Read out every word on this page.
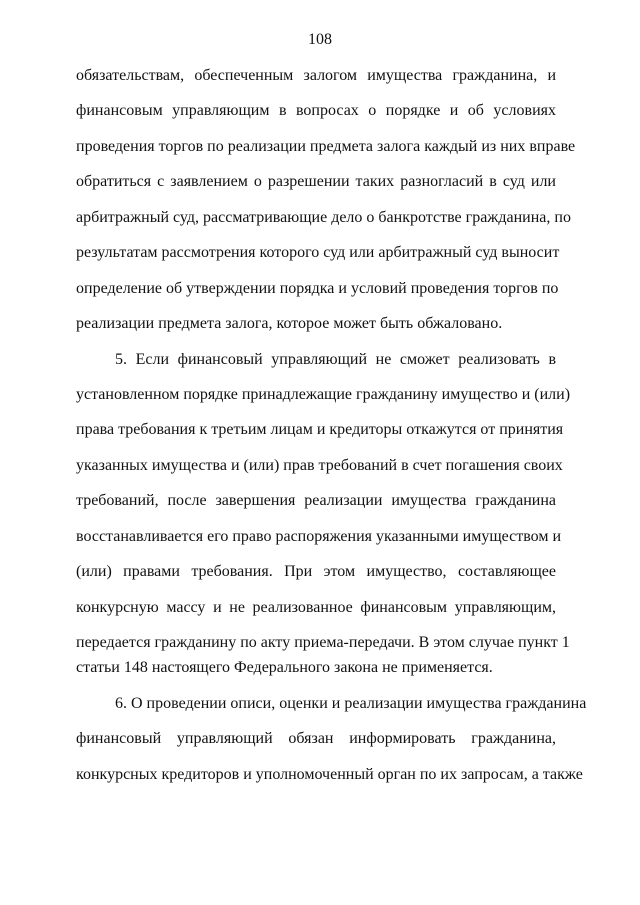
108
обязательствам, обеспеченным залогом имущества гражданина, и
финансовым управляющим в вопросах о порядке и об условиях
проведения торгов по реализации предмета залога каждый из них вправе
обратиться с заявлением о разрешении таких разногласий в суд или
арбитражный суд, рассматривающие дело о банкротстве гражданина, по
результатам рассмотрения которого суд или арбитражный суд выносит
определение об утверждении порядка и условий проведения торгов по
реализации предмета залога, которое может быть обжаловано.
5. Если финансовый управляющий не сможет реализовать в
установленном порядке принадлежащие гражданину имущество и (или)
права требования к третьим лицам и кредиторы откажутся от принятия
указанных имущества и (или) прав требований в счет погашения своих
требований, после завершения реализации имущества гражданина
восстанавливается его право распоряжения указанными имуществом и
(или) правами требования. При этом имущество, составляющее
конкурсную массу и не реализованное финансовым управляющим,
передается гражданину по акту приема-передачи. В этом случае пункт 1
статьи 148 настоящего Федерального закона не применяется.
6. О проведении описи, оценки и реализации имущества гражданина
финансовый управляющий обязан информировать гражданина,
конкурсных кредиторов и уполномоченный орган по их запросам, а также
